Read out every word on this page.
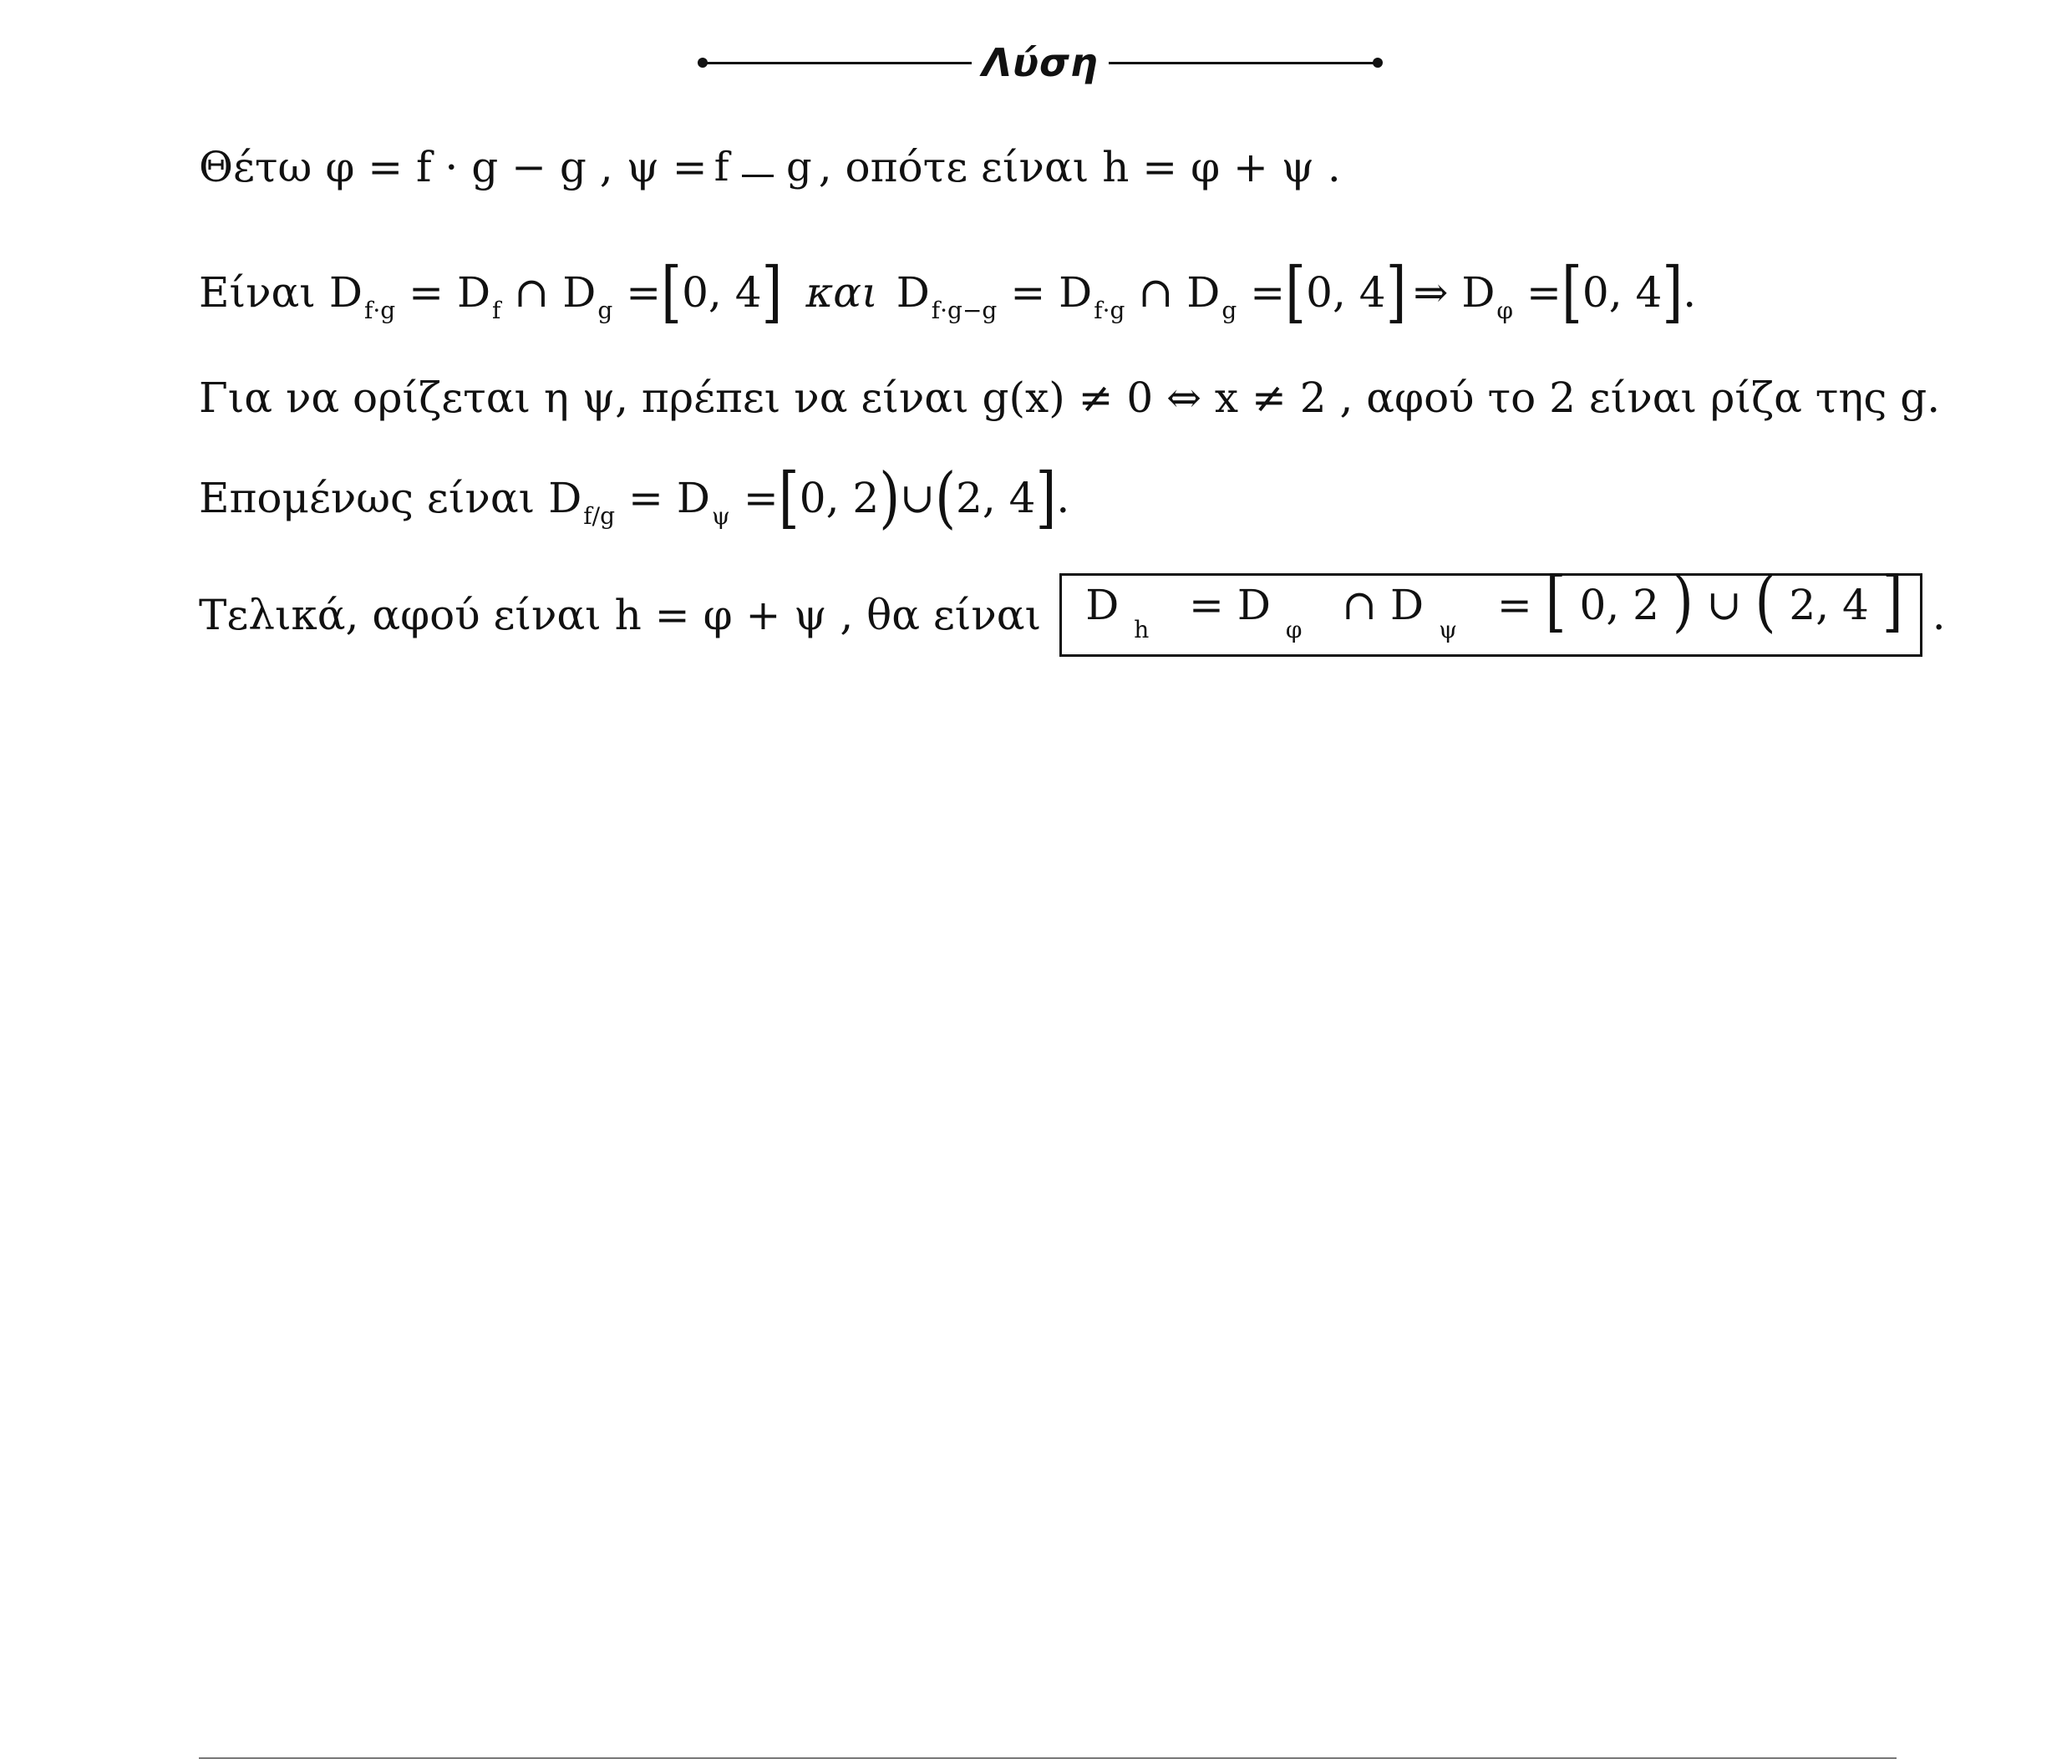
Λύση
Θέτω φ = f · g − g , ψ = f g , οπότε είναι h = φ + ψ .
Είναι D f·g = D f ∩ D g = [ 0, 4 ] και D f·g−g = D f·g ∩ D g = [ 0, 4 ] ⇒ D φ = [ 0, 4 ] .
Για να ορίζεται η ψ, πρέπει να είναι g(x) ≠ 0 ⇔ x ≠ 2 , αφού το 2 είναι ρίζα της g.
Επομένως είναι D f/g = D ψ = [ 0, 2 ) ∪ ( 2, 4 ] .
Τελικά, αφού είναι h = φ + ψ , θα είναι	D h  = D φ  ∩ D ψ  = [ 0, 2 ) ∪ ( 2, 4 ] .
